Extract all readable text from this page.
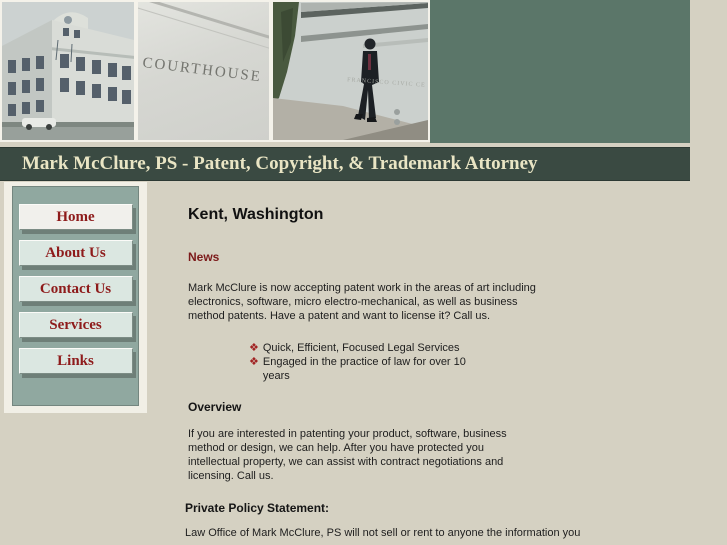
COURTHOUSE	FRANCISCO CIVIC CE
Mark McClure, PS - Patent, Copyright, & Trademark Attorney
Home
About Us
Contact Us
Services
Links
Kent, Washington
News
Mark McClure is now accepting patent work in the areas of art including
electronics, software, micro electro-mechanical, as well as business
method patents. Have a patent and want to license it? Call us.
❖ Quick, Efficient, Focused Legal Services
❖ Engaged in the practice of law for over 10
years
Overview
If you are interested in patenting your product, software, business
method or design, we can help. After you have protected you
intellectual property, we can assist with contract negotiations and
licensing. Call us.
Private Policy Statement:
Law Office of Mark McClure, PS will not sell or rent to anyone the information you
